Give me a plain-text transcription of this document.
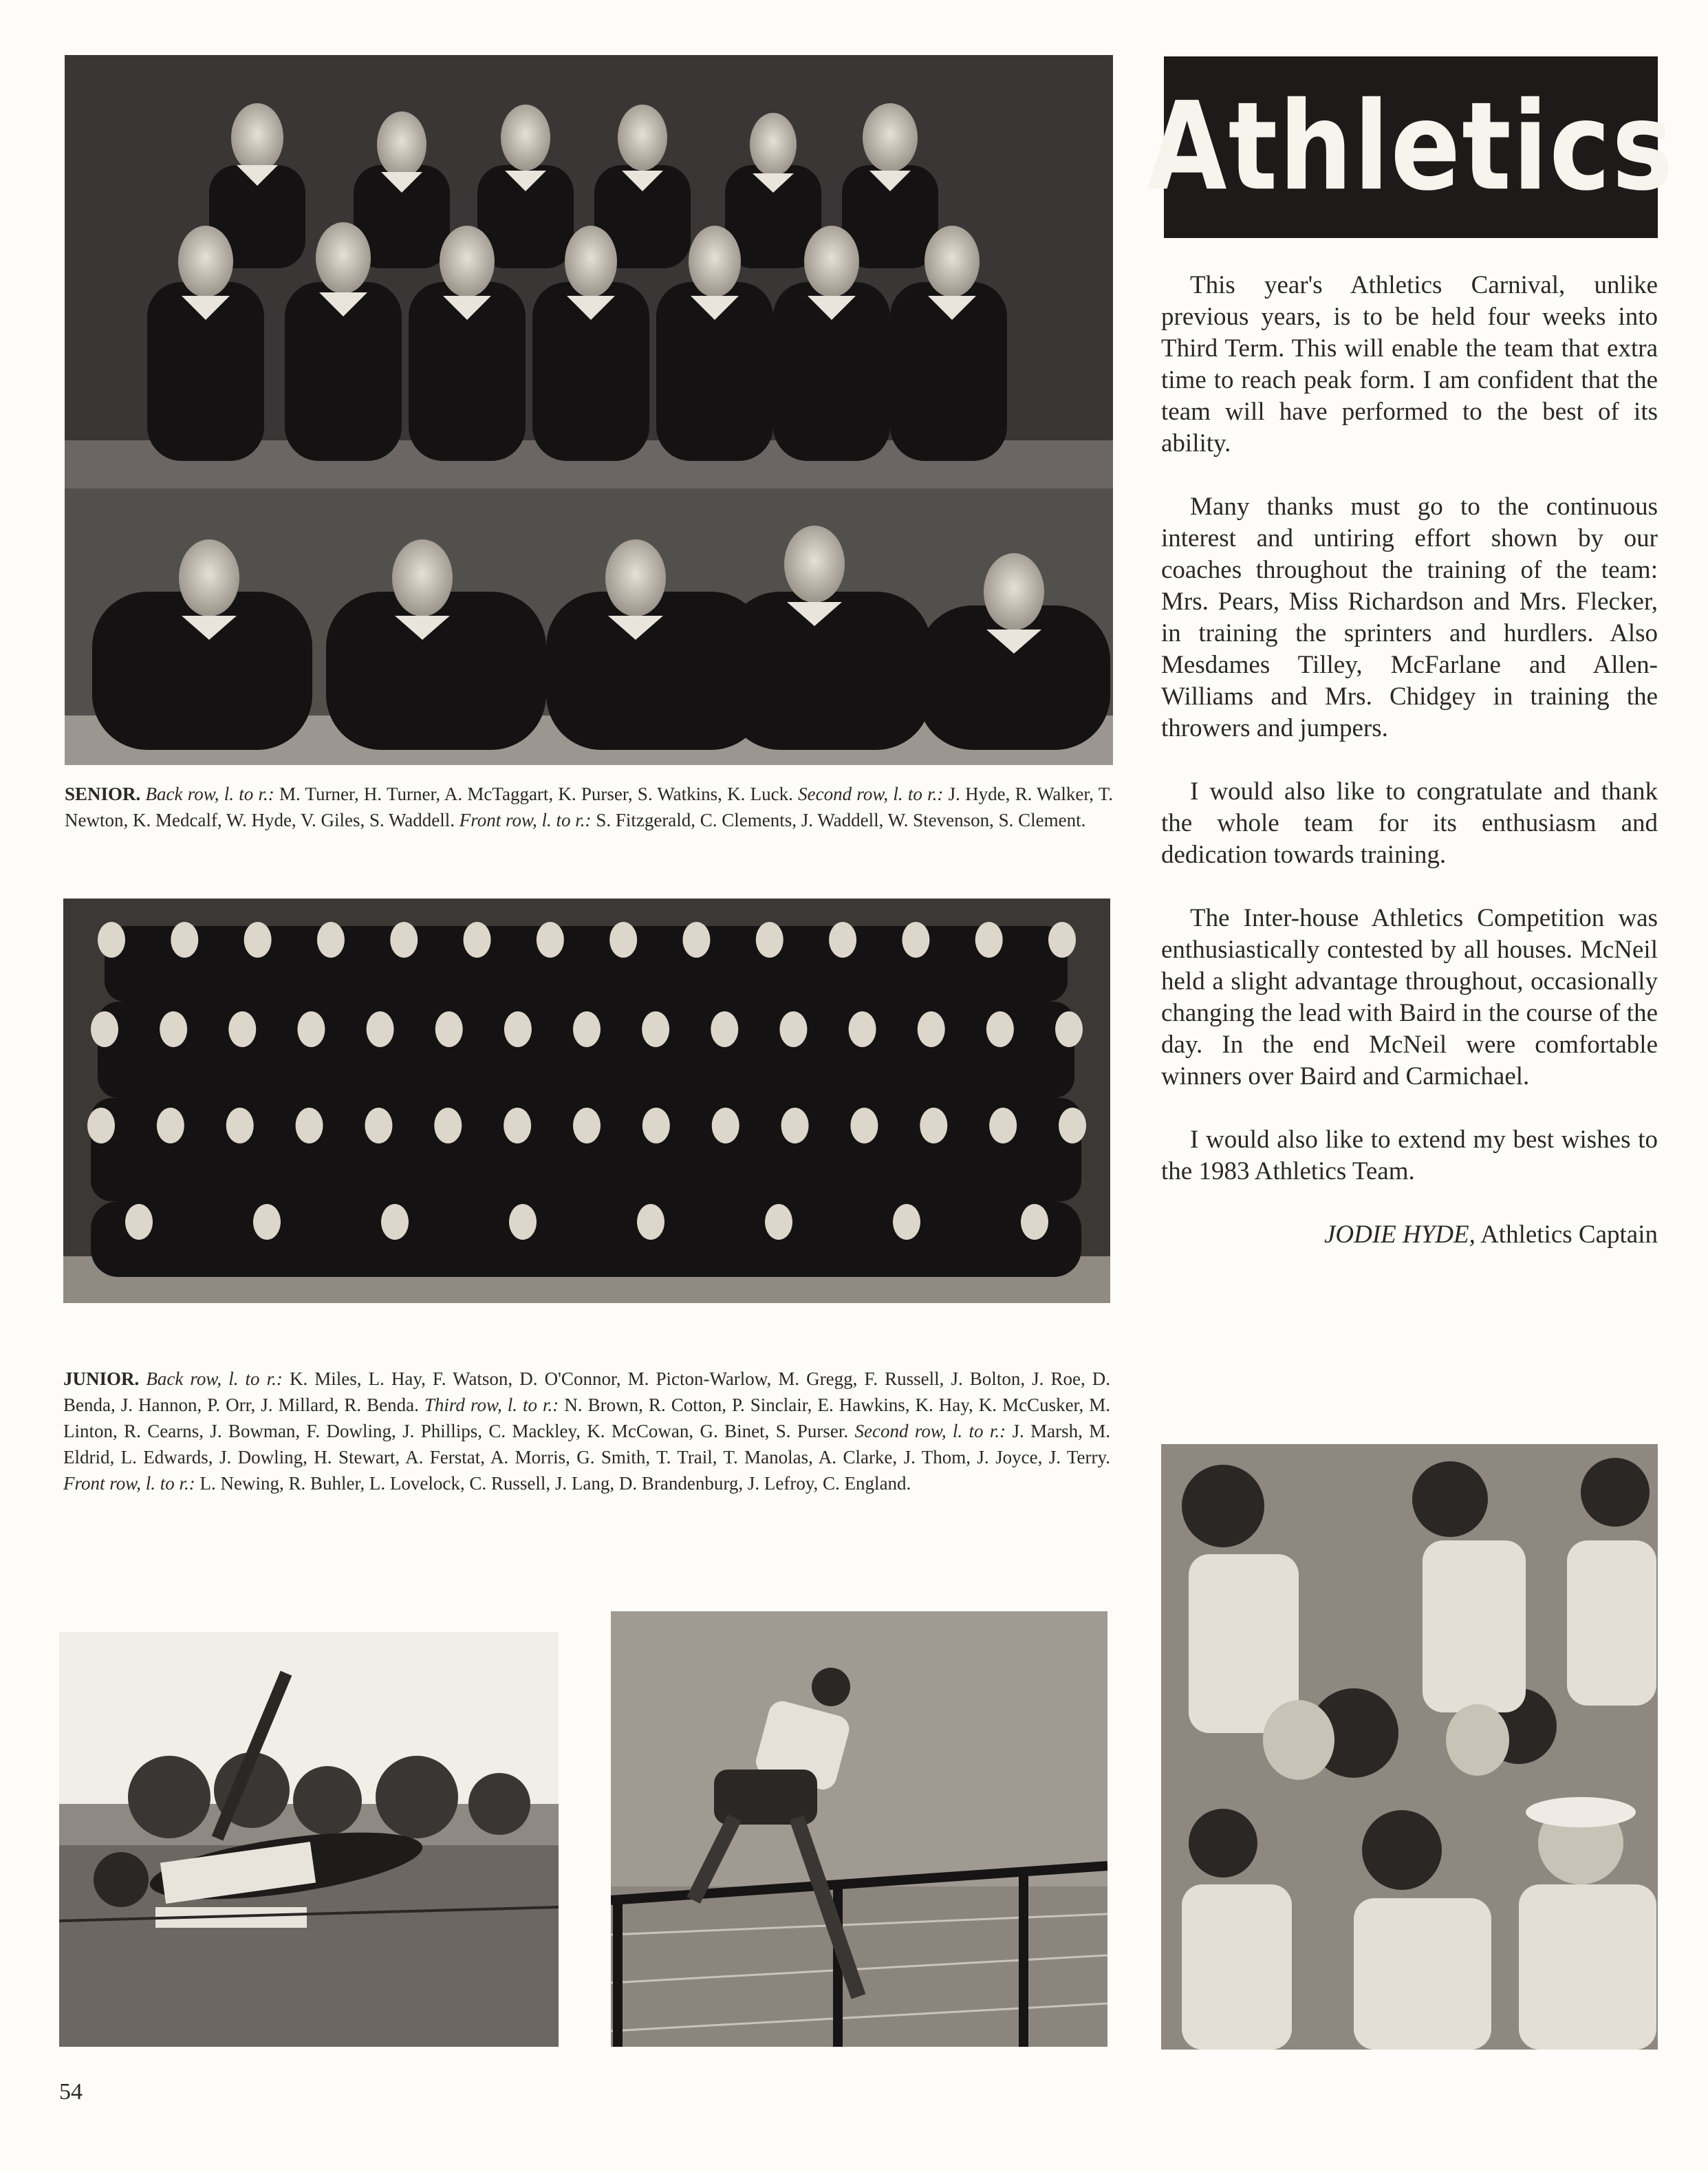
SENIOR. Back row, l. to r.: M. Turner, H. Turner, A. McTaggart, K. Purser, S. Watkins, K. Luck. Second row, l. to r.: J. Hyde, R. Walker, T. Newton, K. Medcalf, W. Hyde, V. Giles, S. Waddell. Front row, l. to r.: S. Fitzgerald, C. Clements, J. Waddell, W. Stevenson, S. Clement.
JUNIOR. Back row, l. to r.: K. Miles, L. Hay, F. Watson, D. O'Connor, M. Picton-Warlow, M. Gregg, F. Russell, J. Bolton, J. Roe, D. Benda, J. Hannon, P. Orr, J. Millard, R. Benda. Third row, l. to r.: N. Brown, R. Cotton, P. Sinclair, E. Hawkins, K. Hay, K. McCusker, M. Linton, R. Cearns, J. Bowman, F. Dowling, J. Phillips, C. Mackley, K. McCowan, G. Binet, S. Purser. Second row, l. to r.: J. Marsh, M. Eldrid, L. Edwards, J. Dowling, H. Stewart, A. Ferstat, A. Morris, G. Smith, T. Trail, T. Manolas, A. Clarke, J. Thom, J. Joyce, J. Terry. Front row, l. to r.: L. Newing, R. Buhler, L. Lovelock, C. Russell, J. Lang, D. Brandenburg, J. Lefroy, C. England.
Athletics

This year's Athletics Carnival, unlike previous years, is to be held four weeks into Third Term. This will enable the team that extra time to reach peak form. I am confident that the team will have performed to the best of its ability.

Many thanks must go to the continuous interest and untiring effort shown by our coaches throughout the training of the team: Mrs. Pears, Miss Richardson and Mrs. Flecker, in training the sprinters and hurdlers. Also Mesdames Tilley, McFarlane and Allen-Williams and Mrs. Chidgey in training the throwers and jumpers.

I would also like to congratulate and thank the whole team for its enthusiasm and dedication towards training.

The Inter-house Athletics Competition was enthusiastically contested by all houses. McNeil held a slight advantage throughout, occasionally changing the lead with Baird in the course of the day. In the end McNeil were comfortable winners over Baird and Carmichael.

I would also like to extend my best wishes to the 1983 Athletics Team.

JODIE HYDE, Athletics Captain
54
